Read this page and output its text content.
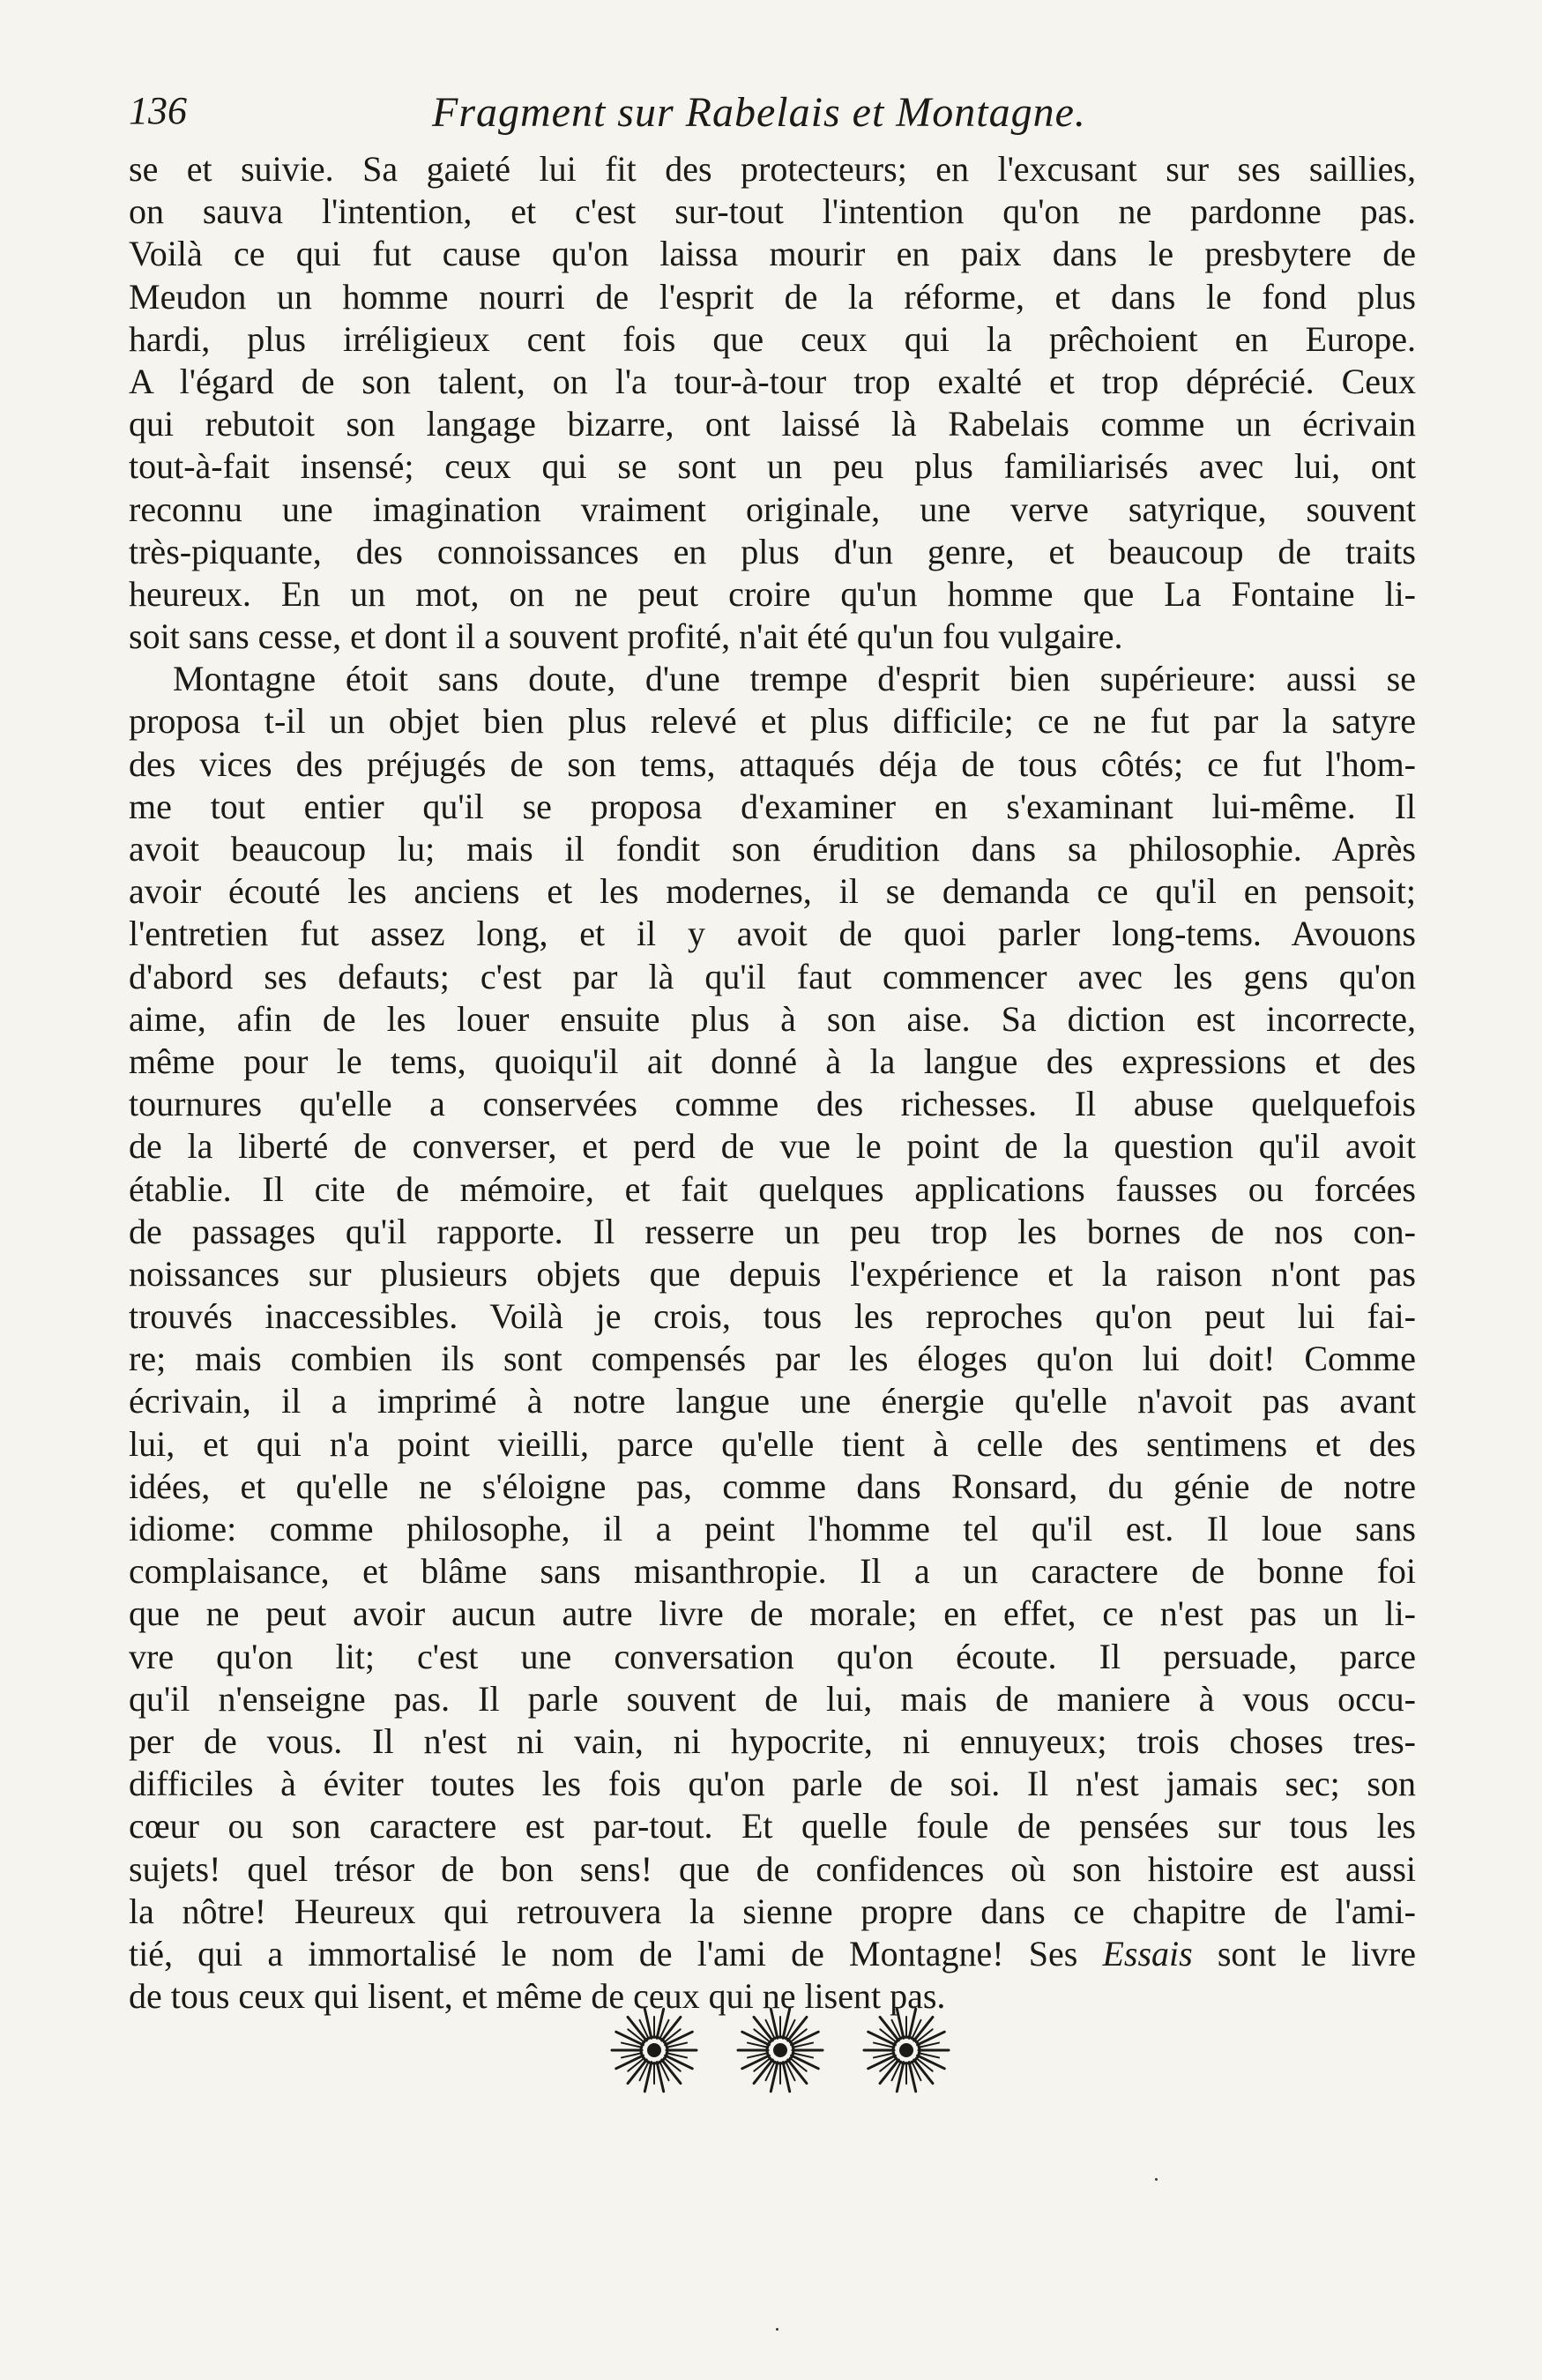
136	Fragment sur Rabelais et Montagne.
se et suivie. Sa gaieté lui fit des protecteurs; en l'excusant sur ses saillies,
on sauva l'intention, et c'est sur-tout l'intention qu'on ne pardonne pas.
Voilà ce qui fut cause qu'on laissa mourir en paix dans le presbytere de
Meudon un homme nourri de l'esprit de la réforme, et dans le fond plus
hardi, plus irréligieux cent fois que ceux qui la prêchoient en Europe.
A l'égard de son talent, on l'a tour-à-tour trop exalté et trop déprécié. Ceux
qui rebutoit son langage bizarre, ont laissé là Rabelais comme un écrivain
tout-à-fait insensé; ceux qui se sont un peu plus familiarisés avec lui, ont
reconnu une imagination vraiment originale, une verve satyrique, souvent
très-piquante, des connoissances en plus d'un genre, et beaucoup de traits
heureux. En un mot, on ne peut croire qu'un homme que La Fontaine li-
soit sans cesse, et dont il a souvent profité, n'ait été qu'un fou vulgaire.
Montagne étoit sans doute, d'une trempe d'esprit bien supérieure: aussi se
proposa t-il un objet bien plus relevé et plus difficile; ce ne fut par la satyre
des vices des préjugés de son tems, attaqués déja de tous côtés; ce fut l'hom-
me tout entier qu'il se proposa d'examiner en s'examinant lui-même. Il
avoit beaucoup lu; mais il fondit son érudition dans sa philosophie. Après
avoir écouté les anciens et les modernes, il se demanda ce qu'il en pensoit;
l'entretien fut assez long, et il y avoit de quoi parler long-tems. Avouons
d'abord ses defauts; c'est par là qu'il faut commencer avec les gens qu'on
aime, afin de les louer ensuite plus à son aise. Sa diction est incorrecte,
même pour le tems, quoiqu'il ait donné à la langue des expressions et des
tournures qu'elle a conservées comme des richesses. Il abuse quelquefois
de la liberté de converser, et perd de vue le point de la question qu'il avoit
établie. Il cite de mémoire, et fait quelques applications fausses ou forcées
de passages qu'il rapporte. Il resserre un peu trop les bornes de nos con-
noissances sur plusieurs objets que depuis l'expérience et la raison n'ont pas
trouvés inaccessibles. Voilà je crois, tous les reproches qu'on peut lui fai-
re; mais combien ils sont compensés par les éloges qu'on lui doit! Comme
écrivain, il a imprimé à notre langue une énergie qu'elle n'avoit pas avant
lui, et qui n'a point vieilli, parce qu'elle tient à celle des sentimens et des
idées, et qu'elle ne s'éloigne pas, comme dans Ronsard, du génie de notre
idiome: comme philosophe, il a peint l'homme tel qu'il est. Il loue sans
complaisance, et blâme sans misanthropie. Il a un caractere de bonne foi
que ne peut avoir aucun autre livre de morale; en effet, ce n'est pas un li-
vre qu'on lit; c'est une conversation qu'on écoute. Il persuade, parce
qu'il n'enseigne pas. Il parle souvent de lui, mais de maniere à vous occu-
per de vous. Il n'est ni vain, ni hypocrite, ni ennuyeux; trois choses tres-
difficiles à éviter toutes les fois qu'on parle de soi. Il n'est jamais sec; son
cœur ou son caractere est par-tout. Et quelle foule de pensées sur tous les
sujets! quel trésor de bon sens! que de confidences où son histoire est aussi
la nôtre! Heureux qui retrouvera la sienne propre dans ce chapitre de l'ami-
tié, qui a immortalisé le nom de l'ami de Montagne! Ses Essais sont le livre
de tous ceux qui lisent, et même de ceux qui ne lisent pas.
